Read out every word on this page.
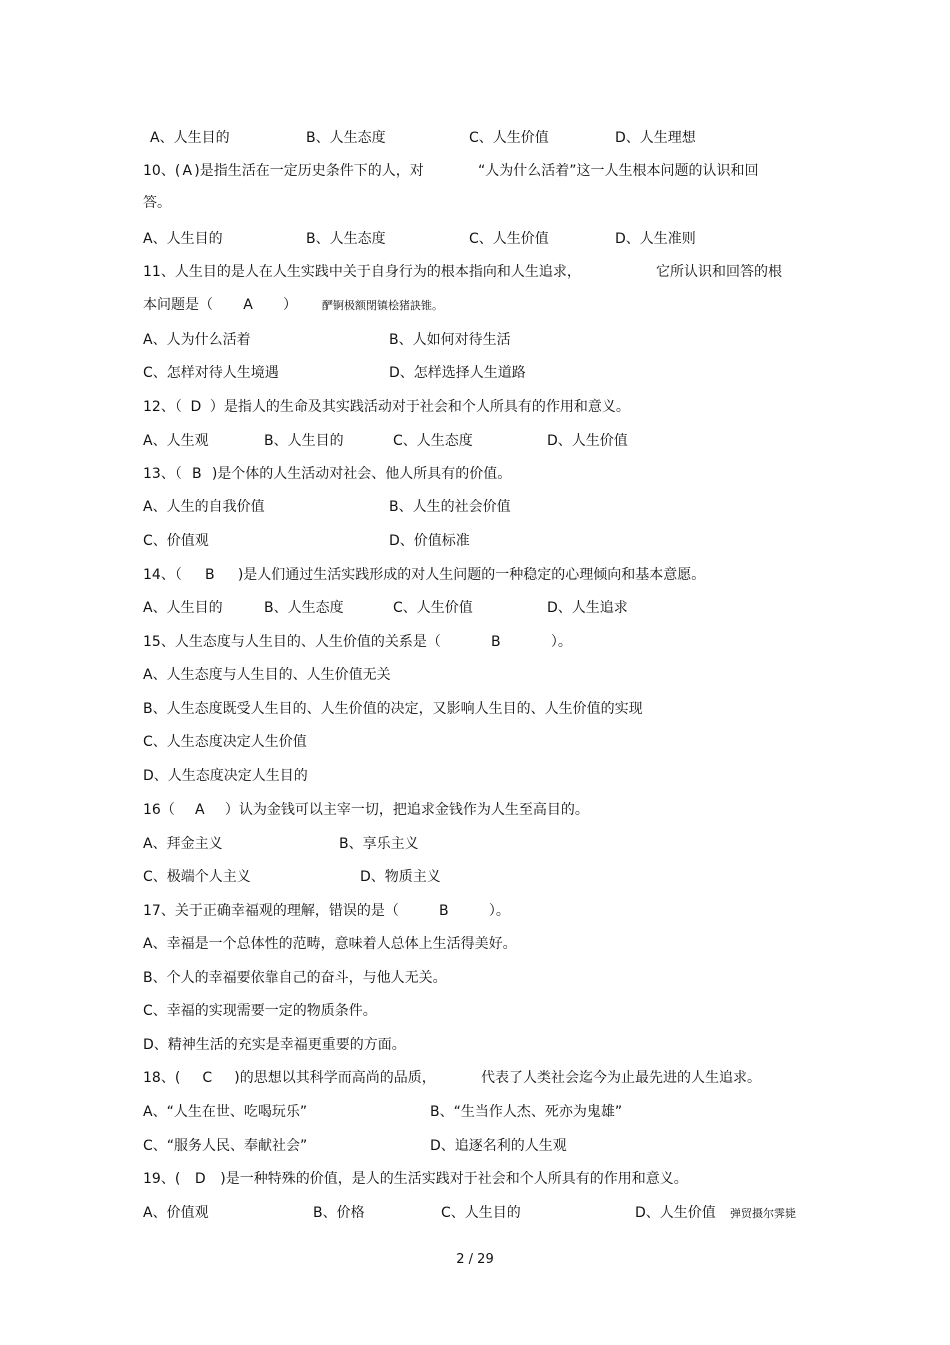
A、人生目的	B、人生态度	C、人生价值	D、人生理想
10、( A )是指生活在一定历史条件下的人，对	“人为什么活着”这一人生根本问题的认识和回
答。
A、人生目的	B、人生态度	C、人生价值	D、人生准则
11、人生目的是人在人生实践中关于自身行为的根本指向和人生追求，	它所认识和回答的根
本问题是（ A ） 酽锕极额閉镇桧猪訣锥。
A、人为什么活着	B、人如何对待生活
C、怎样对待人生境遇	D、怎样选择人生道路
12、（ D ）是指人的生命及其实践活动对于社会和个人所具有的作用和意义。
A、人生观	B、人生目的	C、人生态度	D、人生价值
13、（ B )是个体的人生活动对社会、他人所具有的价值。
A、人生的自我价值	B、人生的社会价值
C、价值观	D、价值标准
14、（ B )是人们通过生活实践形成的对人生问题的一种稳定的心理倾向和基本意愿。
A、人生目的	B、人生态度	C、人生价值	D、人生追求
15、人生态度与人生目的、人生价值的关系是（	B	）。
A、人生态度与人生目的、人生价值无关
B、人生态度既受人生目的、人生价值的决定，又影响人生目的、人生价值的实现
C、人生态度决定人生价值
D、人生态度决定人生目的
16（ A ）认为金钱可以主宰一切，把追求金钱作为人生至高目的。
A、拜金主义	B、享乐主义
C、极端个人主义	D、物质主义
17、关于正确幸福观的理解，错误的是（	B	）。
A、幸福是一个总体性的范畴，意味着人总体上生活得美好。
B、个人的幸福要依靠自己的奋斗，与他人无关。
C、幸福的实现需要一定的物质条件。
D、精神生活的充实是幸福更重要的方面。
18、( C )的思想以其科学而高尚的品质，	代表了人类社会迄今为止最先进的人生追求。
A、“人生在世、吃喝玩乐”	B、“生当作人杰、死亦为鬼雄”
C、“服务人民、奉献社会”	D、追逐名利的人生观
19、( D )是一种特殊的价值，是人的生活实践对于社会和个人所具有的作用和意义。
A、价值观	B、价格	C、人生目的	D、人生价值 弹贸摄尔霁毙
2 / 29
